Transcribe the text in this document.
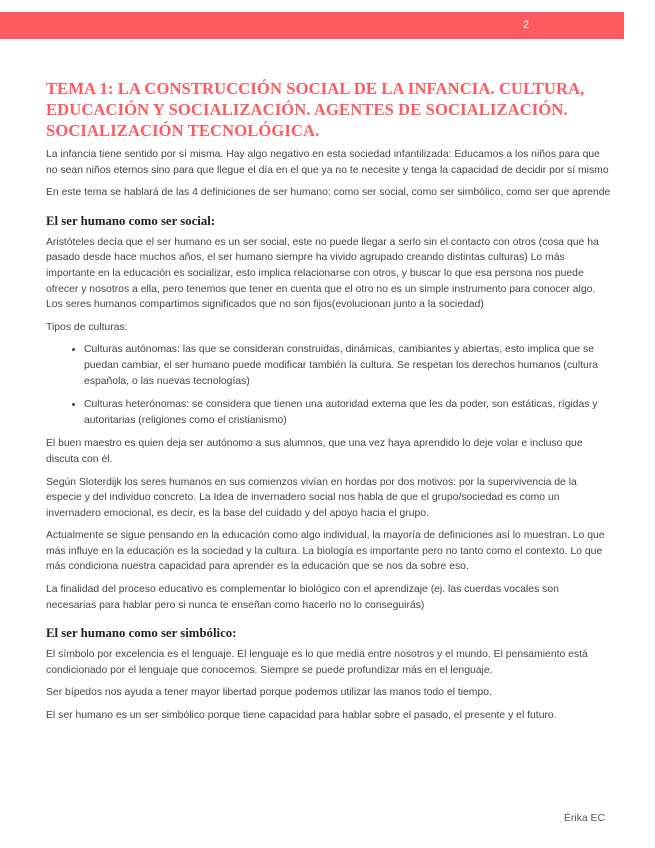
2
TEMA 1: LA CONSTRUCCIÓN SOCIAL DE LA INFANCIA. CULTURA, EDUCACIÓN Y SOCIALIZACIÓN. AGENTES DE SOCIALIZACIÓN. SOCIALIZACIÓN TECNOLÓGICA.

La infancia tiene sentido por sí misma. Hay algo negativo en esta sociedad infantilizada: Educamos a los niños para que no sean niños eternos sino para que llegue el día en el que ya no te necesite y tenga la capacidad de decidir por sí mismo

En este tema se hablará de las 4 definiciones de ser humano: como ser social, como ser simbólico, como ser que aprende

El ser humano como ser social:

Aristóteles decía que el ser humano es un ser social, este no puede llegar a serlo sin el contacto con otros (cosa que ha pasado desde hace muchos años, el ser humano siempre ha vivido agrupado creando distintas culturas) Lo más importante en la educación es socializar, esto implica relacionarse con otros, y buscar lo que esa persona nos puede ofrecer y nosotros a ella, pero tenemos que tener en cuenta que el otro no es un simple instrumento para conocer algo. Los seres humanos compartimos significados que no son fijos(evolucionan junto a la sociedad)

Tipos de culturas:

• Culturas autónomas: las que se consideran construidas, dinámicas, cambiantes y abiertas, esto implica que se puedan cambiar, el ser humano puede modificar también la cultura. Se respetan los derechos humanos (cultura española, o las nuevas tecnologías)
• Culturas heterónomas: se considera que tienen una autoridad externa que les da poder, son estáticas, rígidas y autoritarias (religiones como el cristianismo)

El buen maestro es quien deja ser autónomo a sus alumnos, que una vez haya aprendido lo deje volar e incluso que discuta con él.

Según Sloterdijk los seres humanos en sus comienzos vivían en hordas por dos motivos: por la supervivencia de la especie y del individuo concreto. La Idea de invernadero social nos habla de que el grupo/sociedad es como un invernadero emocional, es decir, es la base del cuidado y del apoyo hacia el grupo.

Actualmente se sigue pensando en la educación como algo individual, la mayoría de definiciones así lo muestran. Lo que más influye en la educación es la sociedad y la cultura. La biología es importante pero no tanto como el contexto. Lo que más condiciona nuestra capacidad para aprender es la educación que se nos da sobre eso.

La finalidad del proceso educativo es complementar lo biológico con el aprendizaje (ej. las cuerdas vocales son necesarias para hablar pero si nunca te enseñan como hacerlo no lo conseguirás)

El ser humano como ser simbólico:

El símbolo por excelencia es el lenguaje. El lenguaje es lo que media entre nosotros y el mundo. El pensamiento está condicionado por el lenguaje que conocemos. Siempre se puede profundizar más en el lenguaje.

Ser bípedos nos ayuda a tener mayor libertad porque podemos utilizar las manos todo el tiempo.

El ser humano es un ser simbólico porque tiene capacidad para hablar sobre el pasado, el presente y el futuro.

Érika EC
